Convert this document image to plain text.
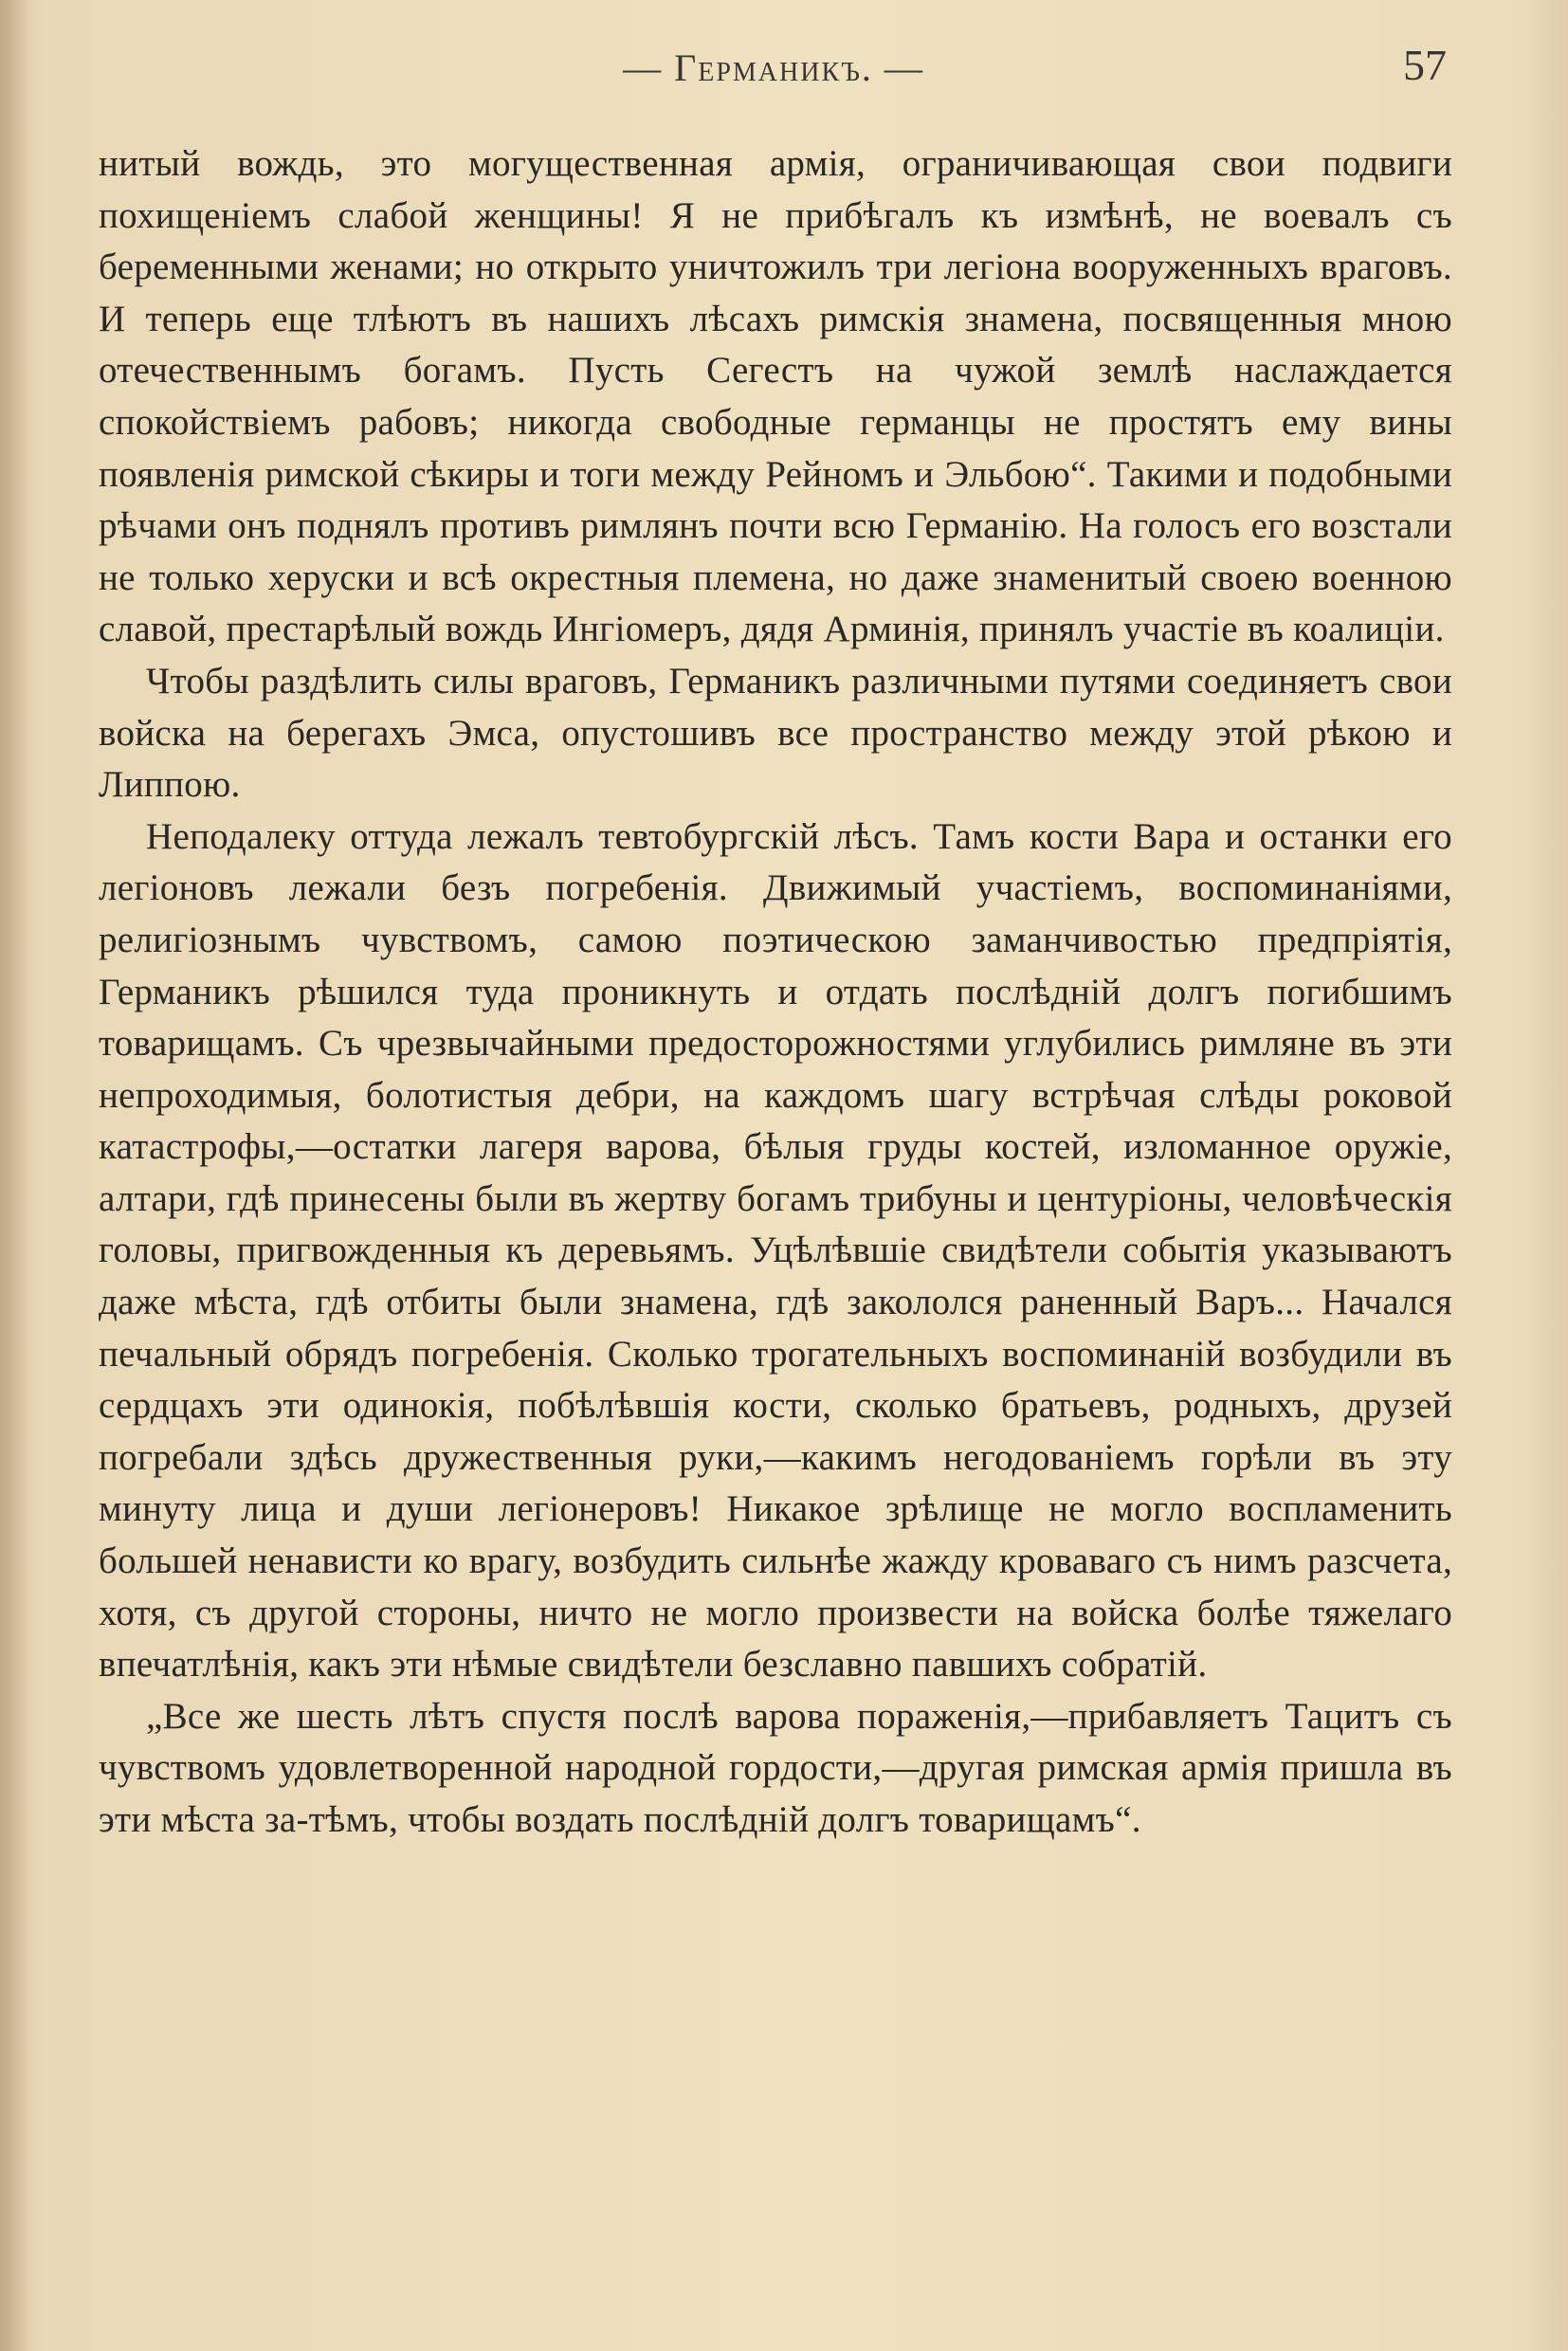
— Германикъ. —	57

нитый вождь, это могущественная армія, ограничивающая свои подвиги похищеніемъ слабой женщины! Я не прибѣгалъ къ измѣнѣ, не воевалъ съ беременными женами; но открыто уничтожилъ три легіона вооруженныхъ враговъ. И теперь еще тлѣютъ въ нашихъ лѣсахъ римскія знамена, посвященныя мною отечественнымъ богамъ. Пусть Сегестъ на чужой землѣ наслаждается спокойствіемъ рабовъ; никогда свободные германцы не простятъ ему вины появленія римской сѣкиры и тоги между Рейномъ и Эльбою“. Такими и подобными рѣчами онъ поднялъ противъ римлянъ почти всю Германію. На голосъ его возстали не только херуски и всѣ окрестныя племена, но даже знаменитый своею военною славой, престарѣлый вождь Ингіомеръ, дядя Арминія, принялъ участіе въ коалиціи.

Чтобы раздѣлить силы враговъ, Германикъ различными путями соединяетъ свои войска на берегахъ Эмса, опустошивъ все пространство между этой рѣкою и Липпою.

Неподалеку оттуда лежалъ тевтобургскій лѣсъ. Тамъ кости Вара и останки его легіоновъ лежали безъ погребенія. Движимый участіемъ, воспоминаніями, религіознымъ чувствомъ, самою поэтическою заманчивостью предпріятія, Германикъ рѣшился туда проникнуть и отдать послѣдній долгъ погибшимъ товарищамъ. Съ чрезвычайными предосторожностями углубились римляне въ эти непроходимыя, болотистыя дебри, на каждомъ шагу встрѣчая слѣды роковой катастрофы,—остатки лагеря варова, бѣлыя груды костей, изломанное оружіе, алтари, гдѣ принесены были въ жертву богамъ трибуны и центуріоны, человѣческія головы, пригвожденныя къ деревьямъ. Уцѣлѣвшіе свидѣтели событія указываютъ даже мѣста, гдѣ отбиты были знамена, гдѣ закололся раненный Варъ... Начался печальный обрядъ погребенія. Сколько трогательныхъ воспоминаній возбудили въ сердцахъ эти одинокія, побѣлѣвшія кости, сколько братьевъ, родныхъ, друзей погребали здѣсь дружественныя руки,—какимъ негодованіемъ горѣли въ эту минуту лица и души легіонеровъ! Никакое зрѣлище не могло воспламенить большей ненависти ко врагу, возбудить сильнѣе жажду кроваваго съ нимъ разсчета, хотя, съ другой стороны, ничто не могло произвести на войска болѣе тяжелаго впечатлѣнія, какъ эти нѣмые свидѣтели безславно павшихъ собратій.

„Все же шесть лѣтъ спустя послѣ варова пораженія,—прибавляетъ Тацитъ съ чувствомъ удовлетворенной народной гордости,—другая римская армія пришла въ эти мѣста за-тѣмъ, чтобы воздать послѣдній долгъ товарищамъ“.
